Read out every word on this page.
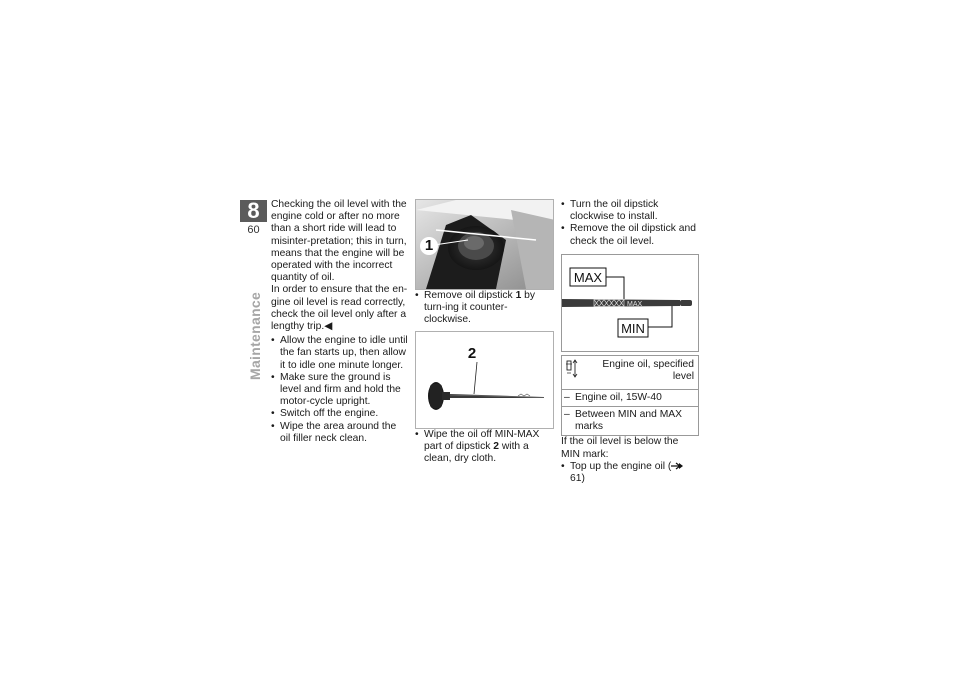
8
60
Maintenance

Checking the oil level with the engine cold or after no more than a short ride will lead to misinter-pretation; this in turn, means that the engine will be operated with the incorrect quantity of oil.

In order to ensure that the en-gine oil level is read correctly, check the oil level only after a lengthy trip.◀

• Allow the engine to idle until the fan starts up, then allow it to idle one minute longer.
• Make sure the ground is level and firm and hold the motor-cycle upright.
• Switch off the engine.
• Wipe the area around the oil filler neck clean.
1
• Remove oil dipstick 1 by turn-ing it counter-clockwise.
2
• Wipe the oil off MIN-MAX part of dipstick 2 with a clean, dry cloth.
• Turn the oil dipstick clockwise to install.
• Remove the oil dipstick and check the oil level.
MAX
MAX
MIN
Engine oil, specified level
– Engine oil, 15W-40
– Between MIN and MAX marks

If the oil level is below the MIN mark:

• Top up the engine oil (61)
